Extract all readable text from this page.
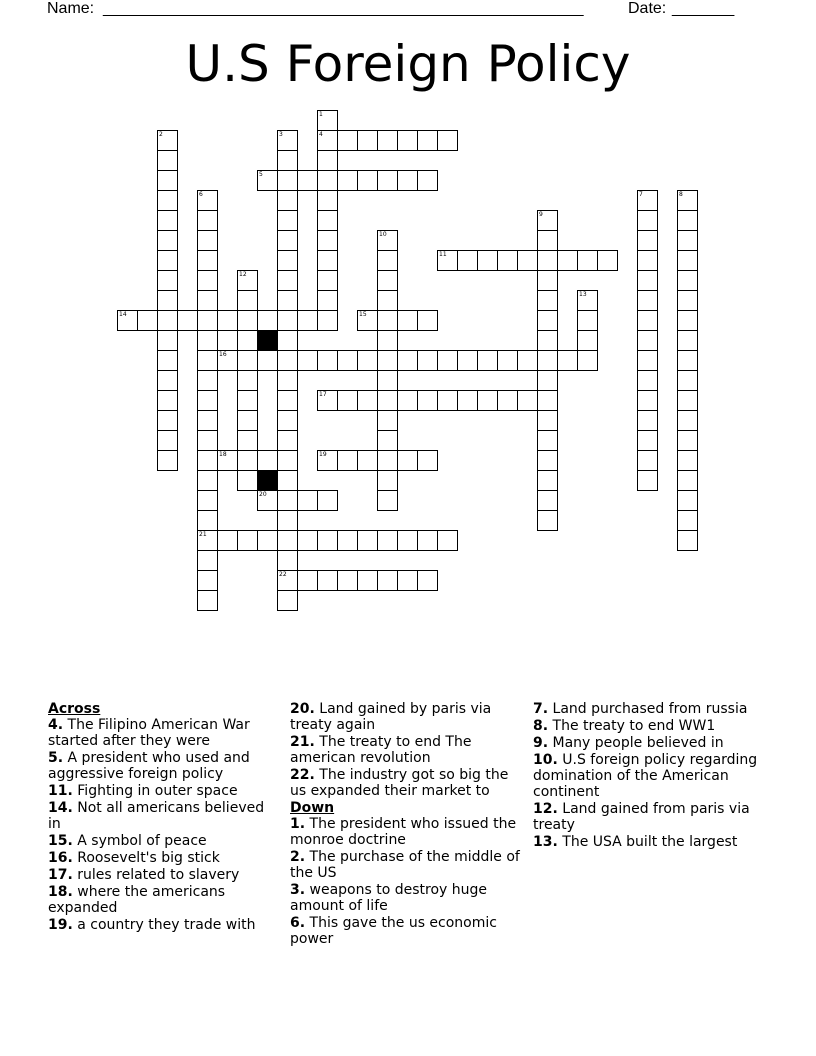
Name: ______________________________________________________	Date: _______
U.S Foreign Policy
1
4
2	3
22
5
6
21
7	8
9
10
11
12
13
14	15
16
17
18	19
20
Across
4. The Filipino American War started after they were
5. A president who used and aggressive foreign policy
11. Fighting in outer space
14. Not all americans believed in
15. A symbol of peace
16. Roosevelt's big stick
17. rules related to slavery
18. where the americans expanded
19. a country they trade with
20. Land gained by paris via treaty again
21. The treaty to end The american revolution
22. The industry got so big the us expanded their market to
Down
1. The president who issued the monroe doctrine
2. The purchase of the middle of the US
3. weapons to destroy huge amount of life
6. This gave the us economic power
7. Land purchased from russia
8. The treaty to end WW1
9. Many people believed in
10. U.S foreign policy regarding domination of the American continent
12. Land gained from paris via treaty
13. The USA built the largest
